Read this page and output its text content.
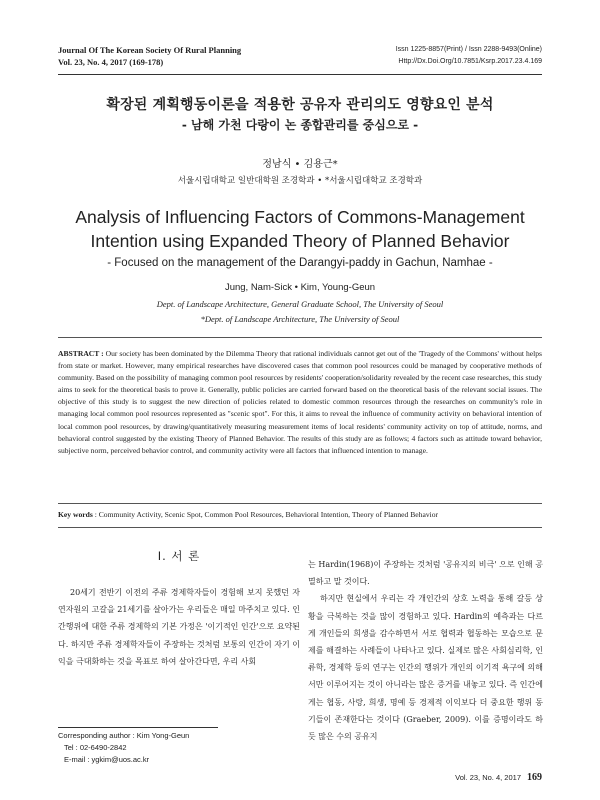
Journal Of The Korean Society Of Rural Planning
Vol. 23, No. 4, 2017 (169-178)
Issn 1225-8857(Print) / Issn 2288-9493(Online)
Http://Dx.Doi.Org/10.7851/Ksrp.2017.23.4.169
확장된 계획행동이론을 적용한 공유자 관리의도 영향요인 분석
- 남해 가천 다랑이 논 종합관리를 중심으로 -
정남식 • 김용근*
서울시립대학교 일반대학원 조경학과 • *서울시립대학교 조경학과
Analysis of Influencing Factors of Commons-Management
Intention using Expanded Theory of Planned Behavior
- Focused on the management of the Darangyi-paddy in Gachun, Namhae -
Jung, Nam-Sick • Kim, Young-Geun
Dept. of Landscape Architecture, General Graduate School, The University of Seoul
*Dept. of Landscape Architecture, The University of Seoul
ABSTRACT : Our society has been dominated by the Dilemma Theory that rational individuals cannot get out of the 'Tragedy of the Commons' without helps from state or market. However, many empirical researches have discovered cases that common pool resources could be managed by cooperative methods of community. Based on the possibility of managing common pool resources by residents' cooperation/solidarity revealed by the recent case researches, this study aims to seek for the theoretical basis to prove it. Generally, public policies are carried forward based on the theoretical basis of the relevant social issues. The objective of this study is to suggest the new direction of policies related to domestic common resources through the researches on community's role in managing local common pool resources represented as "scenic spot". For this, it aims to reveal the influence of community activity on behavioral intention of local common pool resources, by drawing/quantitatively measuring measurement items of local residents' community activity on top of attitude, norms, and behavioral control suggested by the existing Theory of Planned Behavior. The results of this study are as follows; 4 factors such as attitude toward behavior, subjective norm, perceived behavior control, and community activity were all factors that influenced intention to manage.
Key words : Community Activity, Scenic Spot, Common Pool Resources, Behavioral Intention, Theory of Planned Behavior
I. 서 론

20세기 전반기 이전의 주류 경제학자들이 경험해 보지 못했던 자연자원의 고갈을 21세기를 살아가는 우리들은 매일 마주치고 있다. 인간행위에 대한 주류 경제학의 기본 가정은 '이기적인 인간'으로 요약된다. 하지만 주류 경제학자들이 주장하는 것처럼 보통의 인간이 자기 이익을 극대화하는 것을 목표로 하여 살아간다면, 우리 사회

는 Hardin(1968)이 주장하는 것처럼 '공유지의 비극' 으로 인해 공멸하고 말 것이다.

하지만 현실에서 우리는 각 개인간의 상호 노력을 통해 갈등 상황을 극복하는 것을 많이 경험하고 있다. Hardin의 예측과는 다르게 개인들의 희생을 감수하면서 서로 협력과 협동하는 모습으로 문제를 해결하는 사례들이 나타나고 있다. 실제로 많은 사회심리학, 인류학, 경제학 등의 연구는 인간의 행위가 개인의 이기적 욕구에 의해서만 이루어지는 것이 아니라는 많은 증거를 내놓고 있다. 즉 인간에게는 협동, 사랑, 희생, 명예 등 경제적 이익보다 더 중요한 행위 동기들이 존재한다는 것이다 (Graeber, 2009). 이를 증명이라도 하듯 많은 수의 공유지

Corresponding author : Kim Yong-Geun
Tel : 02-6490-2842
E-mail : ygkim@uos.ac.kr
Vol. 23, No. 4, 2017 169
